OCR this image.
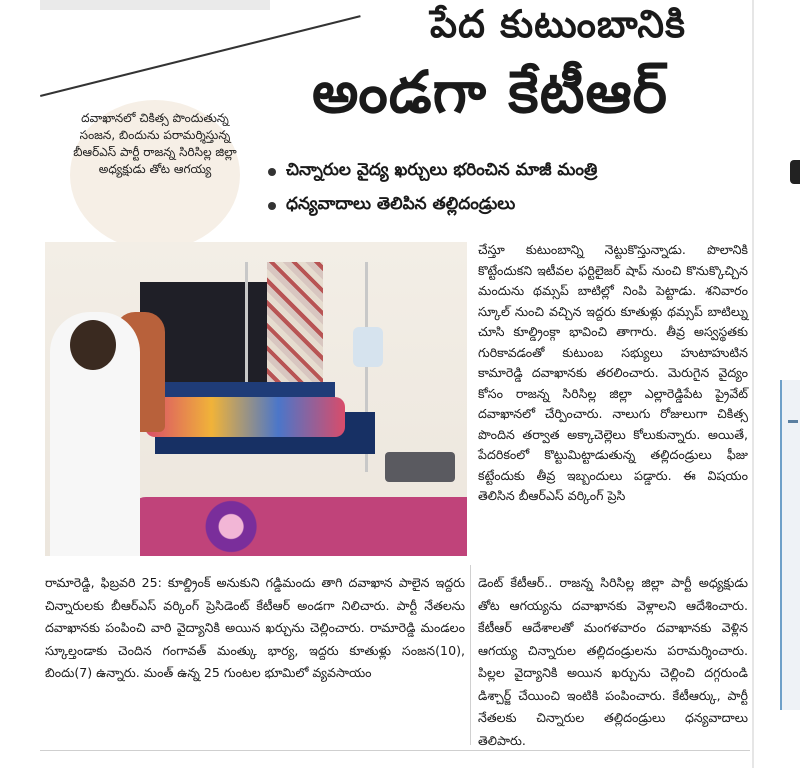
పేద కుటుంబానికి
అండగా కేటీఆర్
దవాఖానలో చికిత్స పొందుతున్న సంజన, బిందును పరామర్శిస్తున్న బీఆర్ఎస్ పార్టీ రాజన్న సిరిసిల్ల జిల్లా అధ్యక్షుడు తోట ఆగయ్య	చిన్నారుల వైద్య ఖర్చులు భరించిన మాజీ మంత్రి
ధన్యవాదాలు తెలిపిన తల్లిదండ్రులు

చేస్తూ కుటుంబాన్ని నెట్టుకొస్తున్నాడు. పొలానికి కొట్టేందుకని ఇటీవల ఫర్టిలైజర్ షాప్ నుంచి కొనుక్కొచ్చిన మందును థమ్సప్ బాటిల్లో నింపి పెట్టాడు. శనివారం స్కూల్ నుంచి వచ్చిన ఇద్దరు కూతుళ్లు థమ్సప్ బాటిల్ను చూసి కూల్డ్రింక్గా భావించి తాగారు. తీవ్ర అస్వస్థతకు గురికావడంతో కుటుంబ సభ్యులు హుటాహుటిన కామారెడ్డి దవాఖానకు తరలించారు. మెరుగైన వైద్యం కోసం రాజన్న సిరిసిల్ల జిల్లా ఎల్లారెడ్డిపేట ప్రైవేట్ దవాఖానలో చేర్పించారు. నాలుగు రోజులుగా చికిత్స పొందిన తర్వాత అక్కాచెల్లెలు కోలుకున్నారు. అయితే, పేదరికంలో కొట్టుమిట్టాడుతున్న తల్లిదండ్రులు ఫీజు కట్టేందుకు తీవ్ర ఇబ్బందులు పడ్డారు. ఈ విషయం తెలిసిన బీఆర్ఎస్ వర్కింగ్ ప్రెసి

రామారెడ్డి, ఫిబ్రవరి 25: కూల్డ్రింక్ అనుకుని గడ్డిమందు తాగి దవాఖాన పాలైన ఇద్దరు చిన్నారులకు బీఆర్ఎస్ వర్కింగ్ ప్రెసిడెంట్ కేటీఆర్ అండగా నిలిచారు. పార్టీ నేతలను దవాఖానకు పంపించి వారి వైద్యానికి అయిన ఖర్చును చెల్లించారు. రామారెడ్డి మండలం స్కూల్తండాకు చెందిన గంగావత్ మంత్కు భార్య, ఇద్దరు కూతుళ్లు సంజన(10), బిందు(7) ఉన్నారు. మంత్ ఉన్న 25 గుంటల భూమిలో వ్యవసాయం

డెంట్ కేటీఆర్.. రాజన్న సిరిసిల్ల జిల్లా పార్టీ అధ్యక్షుడు తోట ఆగయ్యను దవాఖానకు వెళ్లాలని ఆదేశించారు. కేటీఆర్ ఆదేశాలతో మంగళవారం దవాఖానకు వెళ్లిన ఆగయ్య చిన్నారుల తల్లిదండ్రులను పరామర్శించారు. పిల్లల వైద్యానికి అయిన ఖర్చును చెల్లించి దగ్గరుండి డిశ్చార్జ్ చేయించి ఇంటికి పంపించారు. కేటీఆర్కు, పార్టీ నేతలకు చిన్నారుల తల్లిదండ్రులు ధన్యవాదాలు తెలిపారు.
